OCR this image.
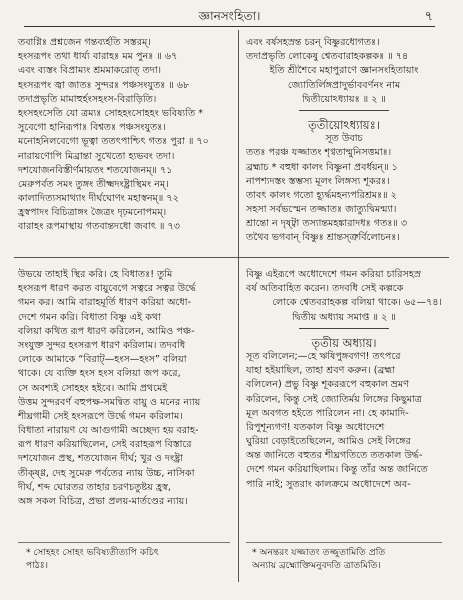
জ্ঞানসংহিতা।	৭
তবাগ্নিঃ প্রশ্নজেন গন্তব্যর্হতি সস্তরম্‌।
হংসরূপং তথা ধার্য্য বারাহঃ মম পুনঃ ॥ ৬৭
এবং ব্যস্তং বিপ্রাম্যং শ্রমমাকরোত্‌ তদা।
হংসরূপং জ্বা জাতঃ সুন্দরঃ পঞ্চসংযুতঃ ॥ ৬৮
তদাপ্রভৃতি মামাহুর্হংসহংস-বিরাড়িতি।
হংসহংসেতি যো ত্রম্যঃ সোহহংসোহহং ভবিষ্যতি *
সুবেগো হানিরূপাঃ বিশ্বতঃ পঞ্চসংযুতঃ।
মনোহনিলবেগো ভূত্বা ততৎপাশ্চিৎ গতঃ পুরা ॥ ৭০
নারায়ণোপি মিব্রান্তা সুখেতো হ্যভবং তদা।
দশযোজনবিস্তীর্ণমায়তং শতযোজনম্‌॥ ৭১
মেরুপর্বত সমং তুঙ্গং তীক্ষ্মদংষ্ট্রাস্থিমং নম্‌।
কালাদিত্যসমাথ্যাং দীর্ঘঘোণং মহাস্বনম্‌॥ ৭২
হ্রস্বপাদং বিচিত্রাঙ্গং জৈত্রং দৃঢ়মনোপমম্‌।
বারাহং রূপমাস্থায় গতবান্তদধো জবাৎ ॥ ৭৩
এবং বর্ষসহস্রন্ত চরন্‌ বিষ্ণুরধোগতঃ।
তদাপ্রভৃতি লোকেষু শ্বেতবারাহকল্পকঃ ॥ ৭৪
ইতি শ্রীশৈবে মহাপুরাণে জ্ঞানসংহিতায়াং
জ্যোতির্লিঙ্গপ্রাদুর্ভাববর্ণনং নাম
দ্বিতীয়োঽধ্যায়ঃ ॥ ২ ॥
তৃতীয়োঽধ্যায়ঃ।
সূত উবাচ
ততঃ পরঞ্চ যজ্জাতং শৃণ্বতাম্মুনিসত্তমাঃ।
ব্রহ্মাচ * বহুধা কালং বিষ্ণুনা প্রবর্ধয়ন্‌॥ ১
নাপশ্যদস্তং স্তম্ভস্য মূলং লিঙ্গস্য শূকরঃ।
তাবৎ কালং গতো হ্যূর্দ্ধমহন্যপরিশ্রমঃ॥ ২
সহসা সর্বভস্মেন তজ্জাতঃ জাত্যুদ্বিমন্ম্যা।
শ্রান্তো ন দৃষ্ট্বা তস্যান্তমহঙ্কারাদধঃ গতঃ॥ ৩
তথৈব ভগবান্‌ বিষ্ণুঃ শ্রান্তস্ত্রুর্বিলোচনঃ।
উভয়ে তাহাই স্থির করি। হে বিধাতঃ! তুমি
হংসরূপ ধারণ করত বায়ুবেগে সত্বরে সত্বর উর্দ্ধে
গমন কর। আমি বারাহমূর্তি ধারণ করিয়া অধো-
দেশে গমন করি। বিধাতা বিষ্ণু এই কথা
বলিয়া কথিত রূপ ধারণ করিলেন, আমিও পঞ্চ-
সংযুক্ত সুন্দর হংসরূপ ধারণ করিলাম। তদবধি
লোকে আমাকে “বিরাট্‌—হংস—হংস” বলিয়া
থাকে। যে ব্যক্তি হংস হংস বলিয়া জপ করে,
সে অবশ্যই সোহহং হইবে। আমি প্রথমেই
উত্তম সুন্দরবর্ণ বহুপক্ষ-সমন্বিত বায়ু ও মনের ন্যায়
শীঘ্রগামী সেই হংসরূপে উর্দ্ধে গমন করিলাম।
বিধাতা নারায়ণ যে আগুগামী অচ্ছেদ্য হয় বরাহ-
রূপ ধারণ করিয়াছিলেন, সেই বরাহরূপ বিস্তারে
দশযোজন প্রস্থ, শতযোজন দীর্ঘ; খুর ও দংষ্ট্রা
তীক্ষ্ণ্ণ, দেহ সুমেরু পর্বতের ন্যায় উচ্চ, নাসিকা
দীর্ঘ, শব্দ ঘোরতর তাহার চরণচতুষ্টয় হ্রস্ব,
অঙ্গ সকল বিচিত্র, প্রভা প্রলয়-মার্তণ্ডের ন্যায়।
বিষ্ণু এইরূপে অধোদেশে গমন করিয়া চারিসহস্র
বর্ষ অতিবাহিত করেন। তদবধি সেই কল্পকে
লোকে শ্বেতবরাহকল্প বলিয়া থাকে। ৬৫—৭৪।
দ্বিতীয় অধ্যায় সমাপ্ত ॥ ২ ॥
তৃতীয় অধ্যায়।
সূত বলিলেন;—হে ঋষিপুঙ্গবগণ! তৎপরে
যাহা হইয়াছিল, তাহা শ্রবণ করুন। (ব্রহ্মা
বলিলেন) প্রভু বিষ্ণু শূকররূপে বহুকাল ভ্রমণ
করিলেন, কিন্তু সেই জ্যোতির্ময় লিঙ্গের কিছুমাত্র
মূল অবগত হইতে পারিলেন না। হে কামাদি-
রিপুশূন্যগণ! যতকাল বিষ্ণু অধোদেশে
ঘুরিয়া বেড়াইতেছিলেন, আমিও সেই লিঙ্গের
অন্ত জানিতে বহুতর শীঘ্রগতিতে ততকাল উর্দ্ধ-
দেশে গমন করিয়াছিলাম। কিন্তু তাঁর অন্ত জানিতে
পারি নাই; সুতরাং কালক্রমে অধোদেশে অব-
* সোহহং সোহং ভবিষ্যতীত্যপি কচিৎ
পাঠঃ।
* অনন্তরং যজ্জাতং তজ্জুতামিতি প্রতি
অন্যায় ব্রহ্মোক্তিমনুবদতি ত্রাতমিতি।
